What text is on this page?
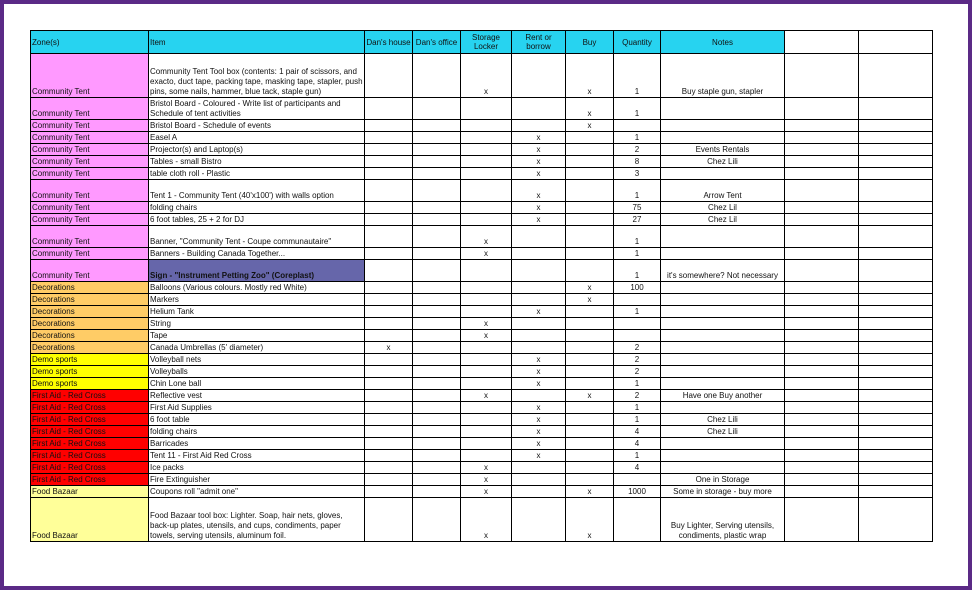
Zone(s)	Item	Dan's house	Dan's office	Storage Locker	Rent or borrow	Buy	Quantity	Notes		
Community Tent	Community Tent Tool box (contents: 1 pair of scissors, and exacto, duct tape, packing tape, masking tape, stapler, push pins, some nails, hammer, blue tack, staple gun)			x		x	1	Buy staple gun, stapler		
Community Tent	Bristol Board - Coloured - Write list of participants and Schedule of tent activities					x	1			
Community Tent	Bristol Board - Schedule of events					x				
Community Tent	Easel A				x		1			
Community Tent	Projector(s) and Laptop(s)				x		2	Events Rentals		
Community Tent	Tables - small Bistro				x		8	Chez Lili		
Community Tent	table cloth roll - Plastic				x		3			
Community Tent	Tent 1 - Community Tent (40'x100') with walls option				x		1	Arrow Tent		
Community Tent	folding chairs				x		75	Chez Lil		
Community Tent	6 foot tables, 25 + 2 for DJ				x		27	Chez Lil		
Community Tent	Banner, "Community Tent - Coupe communautaire"			x			1			
Community Tent	Banners - Building Canada Together...			x			1			
Community Tent	Sign - "Instrument Petting Zoo" (Coreplast)						1	it's somewhere? Not necessary		
Decorations	Balloons (Various colours. Mostly red White)					x	100			
Decorations	Markers					x				
Decorations	Helium Tank				x		1			
Decorations	String			x						
Decorations	Tape			x						
Decorations	Canada Umbrellas (5' diameter)	x					2			
Demo sports	Volleyball nets				x		2			
Demo sports	Volleyballs				x		2			
Demo sports	Chin Lone ball				x		1			
First Aid - Red Cross	Reflective vest			x		x	2	Have one Buy another		
First Aid - Red Cross	First Aid Supplies				x		1			
First Aid - Red Cross	6 foot table				x		1	Chez Lili		
First Aid - Red Cross	folding chairs				x		4	Chez Lili		
First Aid - Red Cross	Barricades				x		4			
First Aid - Red Cross	Tent 11 - First Aid Red Cross				x		1			
First Aid - Red Cross	Ice packs			x			4			
First Aid - Red Cross	Fire Extinguisher			x				One in Storage		
Food Bazaar	Coupons roll "admit one"			x		x	1000	Some in storage - buy more		
Food Bazaar	Food Bazaar tool box: Lighter. Soap, hair nets, gloves, back-up plates, utensils, and cups, condiments, paper towels, serving utensils, aluminum foil.			x		x		Buy Lighter, Serving utensils, condiments, plastic wrap		
